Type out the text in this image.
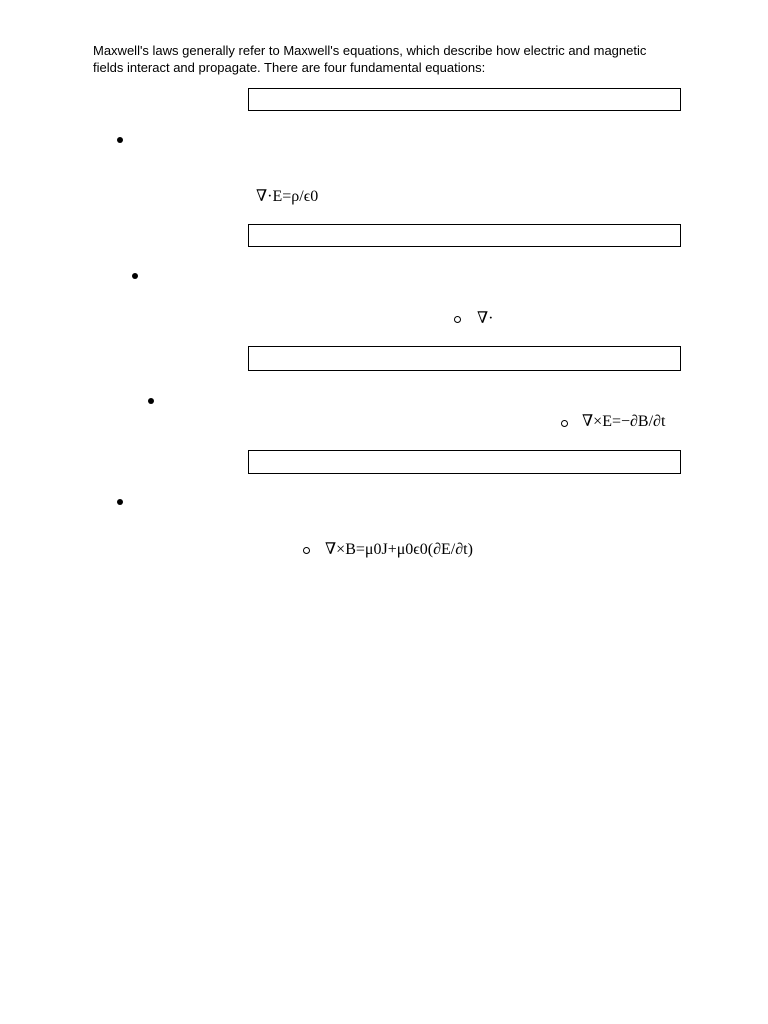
Maxwell's laws generally refer to Maxwell's equations, which describe how electric and magnetic
fields interact and propagate. There are four fundamental equations:

∇·E=ρ/ϵ0
∇·
∇×E=−∂B/∂t
∇×B=μ0J+μ0ϵ0(∂E/∂t)
